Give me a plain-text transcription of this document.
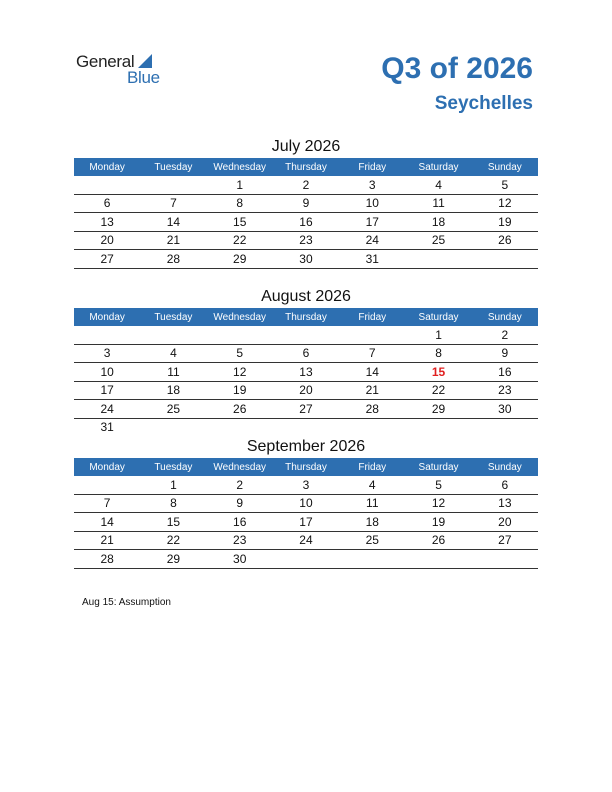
General
Blue	Q3 of 2026
Seychelles
July 2026
Monday	Tuesday	Wednesday	Thursday	Friday	Saturday	Sunday
		1	2	3	4	5
6	7	8	9	10	11	12
13	14	15	16	17	18	19
20	21	22	23	24	25	26
27	28	29	30	31		
August 2026
Monday	Tuesday	Wednesday	Thursday	Friday	Saturday	Sunday
					1	2
3	4	5	6	7	8	9
10	11	12	13	14	15	16
17	18	19	20	21	22	23
24	25	26	27	28	29	30
31						
September 2026
Monday	Tuesday	Wednesday	Thursday	Friday	Saturday	Sunday
	1	2	3	4	5	6
7	8	9	10	11	12	13
14	15	16	17	18	19	20
21	22	23	24	25	26	27
28	29	30				
Aug 15: Assumption
